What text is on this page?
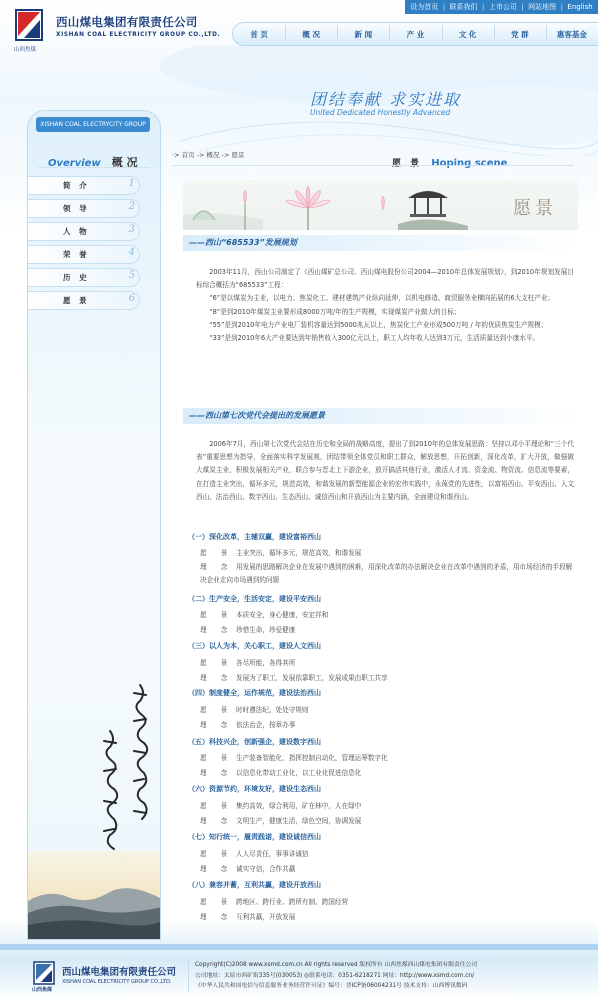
设为首页 | 联系我们 | 上市公司 | 网站地图 | English
西山煤电集团有限责任公司
XISHAN COAL ELECTRICITY GROUP CO.,LTD.
山西焦煤
首 页	概 况	新 闻	产 业	文 化	党 群	惠客基金
团结奉献 求实进取
United Dedicated Honestly Advanced
XISHAN COAL ELECTRYCITY GROUP
Overview 概 况
简 介	1
领 导	2
人 物	3
荣 誉	4
历 史	5
愿 景	6
·> 首页 -> 概况 -> 愿景
愿 景 Hoping scene
愿景
——西山“685533”发展规划

2003年11月，西山公司制定了《西山煤矿总公司、西山煤电股份公司2004—2010年总体发展规划》，到2010年规划发展目标综合概括为“685533”工程：

“6”是以煤炭为主业，以电力、焦炭化工、建材建筑产业纵向延伸，以机电修造、商贸服务业横向拓展的6大支柱产业；

“8”是到2010年煤炭主业要形成8000万吨/年的生产规模，实现煤炭产业做大的目标；

“55”是到2010年电力产业电厂装机容量达到5000兆瓦以上，焦炭化工产业形成500万吨 / 年的优质焦炭生产规模；

“33”是到2010年6大产业要达到年销售收入300亿元以上，职工人均年收入达到3万元，生活质量达到小康水平。

——西山第七次党代会提出的发展愿景

2006年7月，西山第七次党代会站在历史和全局的战略高度，提出了到2010年的总体发展思路：坚持以邓小平理论和“三个代表”重要思想为指导，全面落实科学发展观，团结带领全体党员和职工群众，解放思想，开拓创新，深化改革，扩大开放，做强做大煤炭主业，积极发展相关产业，联合参与晋北上下游企业，放开搞活其他行业，激活人才流、资金流、物资流、信息流等要素，在打造主业突出，循环多元，规范高效，和谐发展的新型能源企业的宏伟实践中，永葆党的先进性，以富裕西山、平安西山、人文西山、法治西山、数字西山、生态西山、诚信西山和开放西山为主要内涵，全面建设和谐西山。

（一）深化改革，主辅双赢，建设富裕西山
愿 景 主业突出，循环多元，规范高效，和谐发展
理 念 用发展的思路解决企业在发展中遇到的困难，用深化改革的办法解决企业在改革中遇到的矛盾，用市场经济的手段解决企业走向市场遇到的问题
（二）生产安全，生活安定，建设平安西山
愿 景 本质安全，身心健康，安定祥和
理 念 珍惜生命，珍爱健康
（三）以人为本，关心职工，建设人文西山
愿 景 各尽所能，各得其所
理 念 发展为了职工，发展依靠职工，发展成果由职工共享
（四）制度健全，运作规范，建设法治西山
愿 景 时时遵法纪，处处守规则
理 念 依法治企，按章办事
（五）科技兴企，创新强企，建设数字西山
愿 景 生产装备智能化，指挥控制自动化，管理运筹数字化
理 念 以信息化带动工业化，以工业化促进信息化
（六）资源节约，环境友好，建设生态西山
愿 景 集约高效，绿合利用，矿在林中，人在绿中
理 念 文明生产，健康生活，绿色空间，协调发展
（七）知行统一，履责践诺，建设诚信西山
愿 景 人人尽责任，事事讲诚信
理 念 诚实守信，合作共赢
（八）兼容并蓄，互利共赢，建设开放西山
愿 景 跨地区、跨行业、跨所有制、跨国经营
理 念 互利共赢，开放发展
西山煤电集团有限责任公司
XISHAN COAL ELECTRICITY GROUP CO.,LTD.
山西焦煤
Copyright(C)2008 www.xsmd.com.cn All rights reserved 版权所有 山西焦煤西山煤电集团有限责任公司
公司地址：太原市西矿街335号(030053) ◎联系电话：0351-6218271 网址：http://www.xsmd.com.cn/
《中华人民共和国电信与信息服务业务经营许可证》编号：晋ICP备06004231号 技术支持：山西博讯数码
